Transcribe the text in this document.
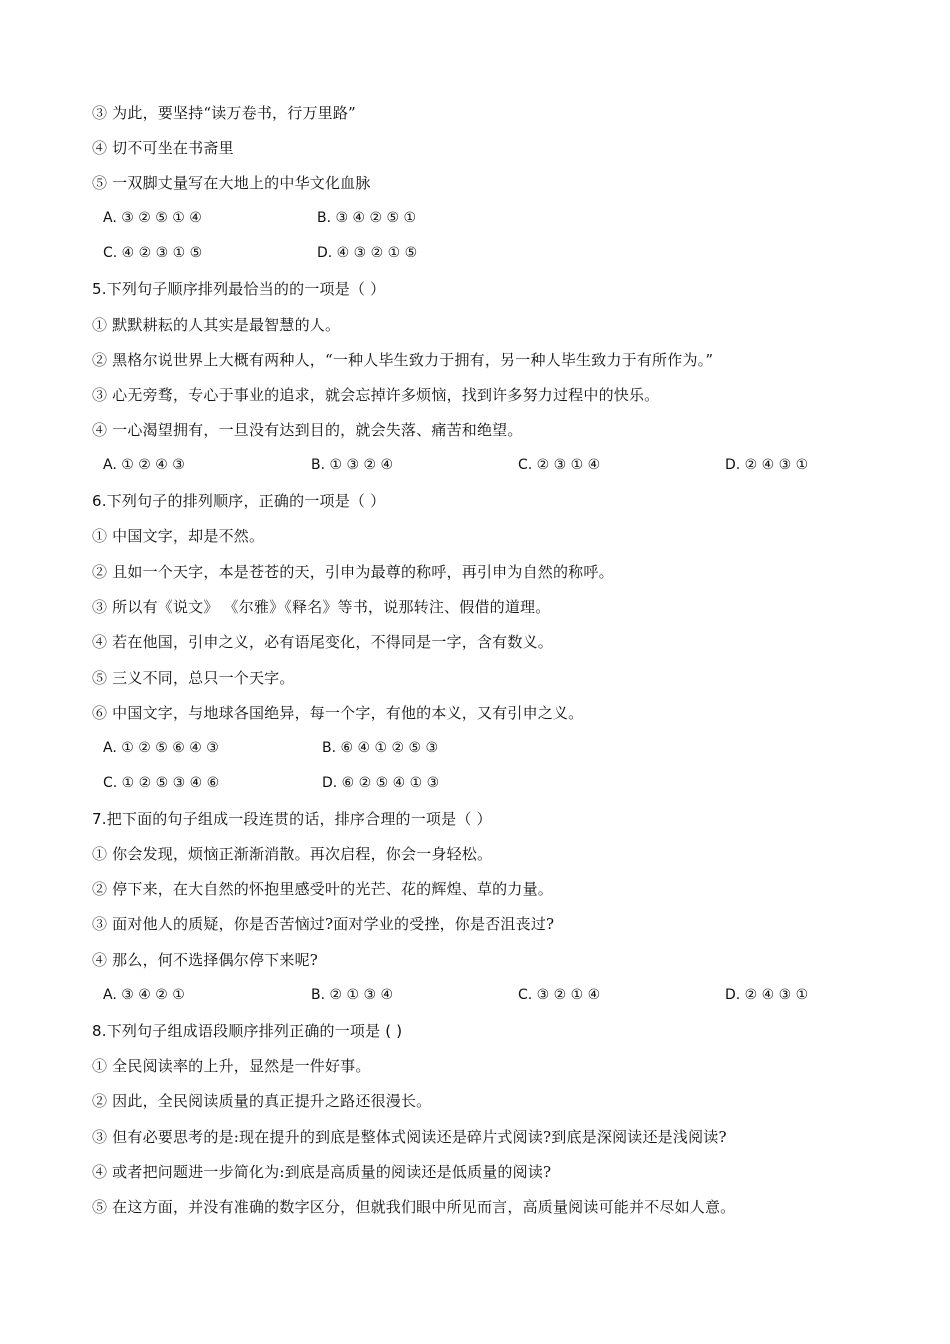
③ 为此，要坚持“读万卷书，行万里路”
④ 切不可坐在书斋里
⑤ 一双脚丈量写在大地上的中华文化血脉
A. ③ ② ⑤ ① ④	B. ③ ④ ② ⑤ ①
C. ④ ② ③ ① ⑤	D. ④ ③ ② ① ⑤
5.下列句子顺序排列最恰当的的一项是（ ）
① 默默耕耘的人其实是最智慧的人。
② 黑格尔说世界上大概有两种人，“一种人毕生致力于拥有，另一种人毕生致力于有所作为。”
③ 心无旁骛，专心于事业的追求，就会忘掉许多烦恼，找到许多努力过程中的快乐。
④ 一心渴望拥有，一旦没有达到目的，就会失落、痛苦和绝望。
A. ① ② ④ ③	B. ① ③ ② ④	C. ② ③ ① ④	D. ② ④ ③ ①
6.下列句子的排列顺序，正确的一项是（ ）
① 中国文字，却是不然。
② 且如一个天字，本是苍苍的天，引申为最尊的称呼，再引申为自然的称呼。
③ 所以有《说文》 《尔雅》《释名》等书，说那转注、假借的道理。
④ 若在他国，引申之义，必有语尾变化，不得同是一字，含有数义。
⑤ 三义不同，总只一个天字。
⑥ 中国文字，与地球各国绝异，每一个字，有他的本义，又有引申之义。
A. ① ② ⑤ ⑥ ④ ③	B. ⑥ ④ ① ② ⑤ ③
C. ① ② ⑤ ③ ④ ⑥	D. ⑥ ② ⑤ ④ ① ③
7.把下面的句子组成一段连贯的话，排序合理的一项是（ ）
① 你会发现，烦恼正渐渐消散。再次启程，你会一身轻松。
② 停下来，在大自然的怀抱里感受叶的光芒、花的辉煌、草的力量。
③ 面对他人的质疑，你是否苦恼过?面对学业的受挫，你是否沮丧过?
④ 那么，何不选择偶尔停下来呢?
A. ③ ④ ② ①	B. ② ① ③ ④	C. ③ ② ① ④	D. ② ④ ③ ①
8.下列句子组成语段顺序排列正确的一项是 ( )
① 全民阅读率的上升，显然是一件好事。
② 因此，全民阅读质量的真正提升之路还很漫长。
③ 但有必要思考的是:现在提升的到底是整体式阅读还是碎片式阅读?到底是深阅读还是浅阅读?
④ 或者把问题进一步简化为:到底是高质量的阅读还是低质量的阅读?
⑤ 在这方面，并没有准确的数字区分，但就我们眼中所见而言，高质量阅读可能并不尽如人意。
